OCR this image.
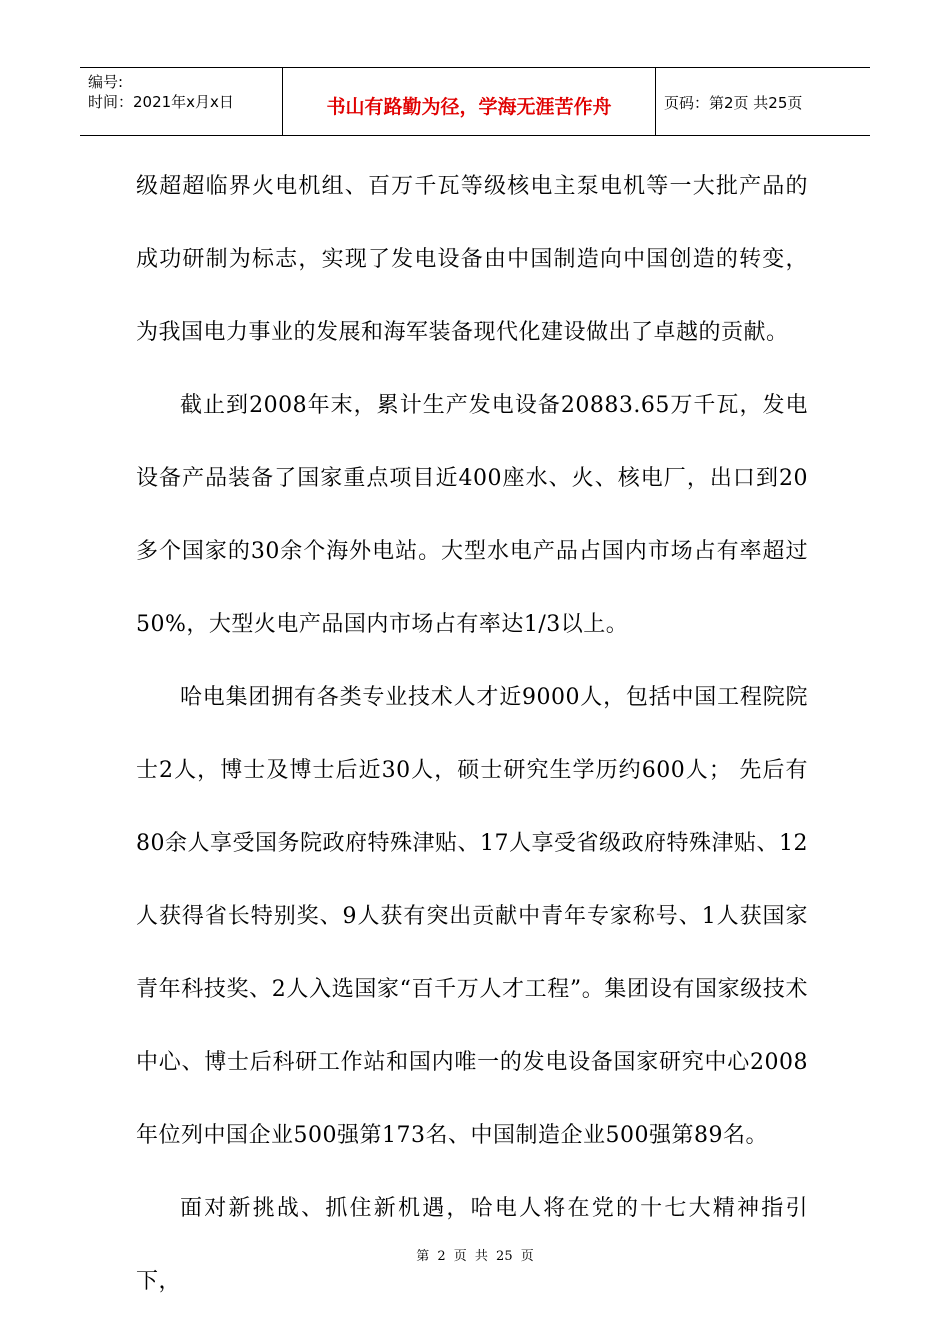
编号:
时间：2021年x月x日	书山有路勤为径，学海无涯苦作舟	页码：第2页 共25页

级超超临界火电机组、百万千瓦等级核电主泵电机等一大批产品的成功研制为标志，实现了发电设备由中国制造向中国创造的转变，为我国电力事业的发展和海军装备现代化建设做出了卓越的贡献。

截止到2008年末，累计生产发电设备20883.65万千瓦，发电设备产品装备了国家重点项目近400座水、火、核电厂，出口到20多个国家的30余个海外电站。大型水电产品占国内市场占有率超过50%，大型火电产品国内市场占有率达1/3以上。

哈电集团拥有各类专业技术人才近9000人，包括中国工程院院士2人，博士及博士后近30人，硕士研究生学历约600人； 先后有80余人享受国务院政府特殊津贴、17人享受省级政府特殊津贴、12人获得省长特别奖、9人获有突出贡献中青年专家称号、1人获国家青年科技奖、2人入选国家“百千万人才工程”。集团设有国家级技术中心、博士后科研工作站和国内唯一的发电设备国家研究中心2008年位列中国企业500强第173名、中国制造企业500强第89名。

面对新挑战、抓住新机遇，哈电人将在党的十七大精神指引下，

第 2 页 共 25 页
